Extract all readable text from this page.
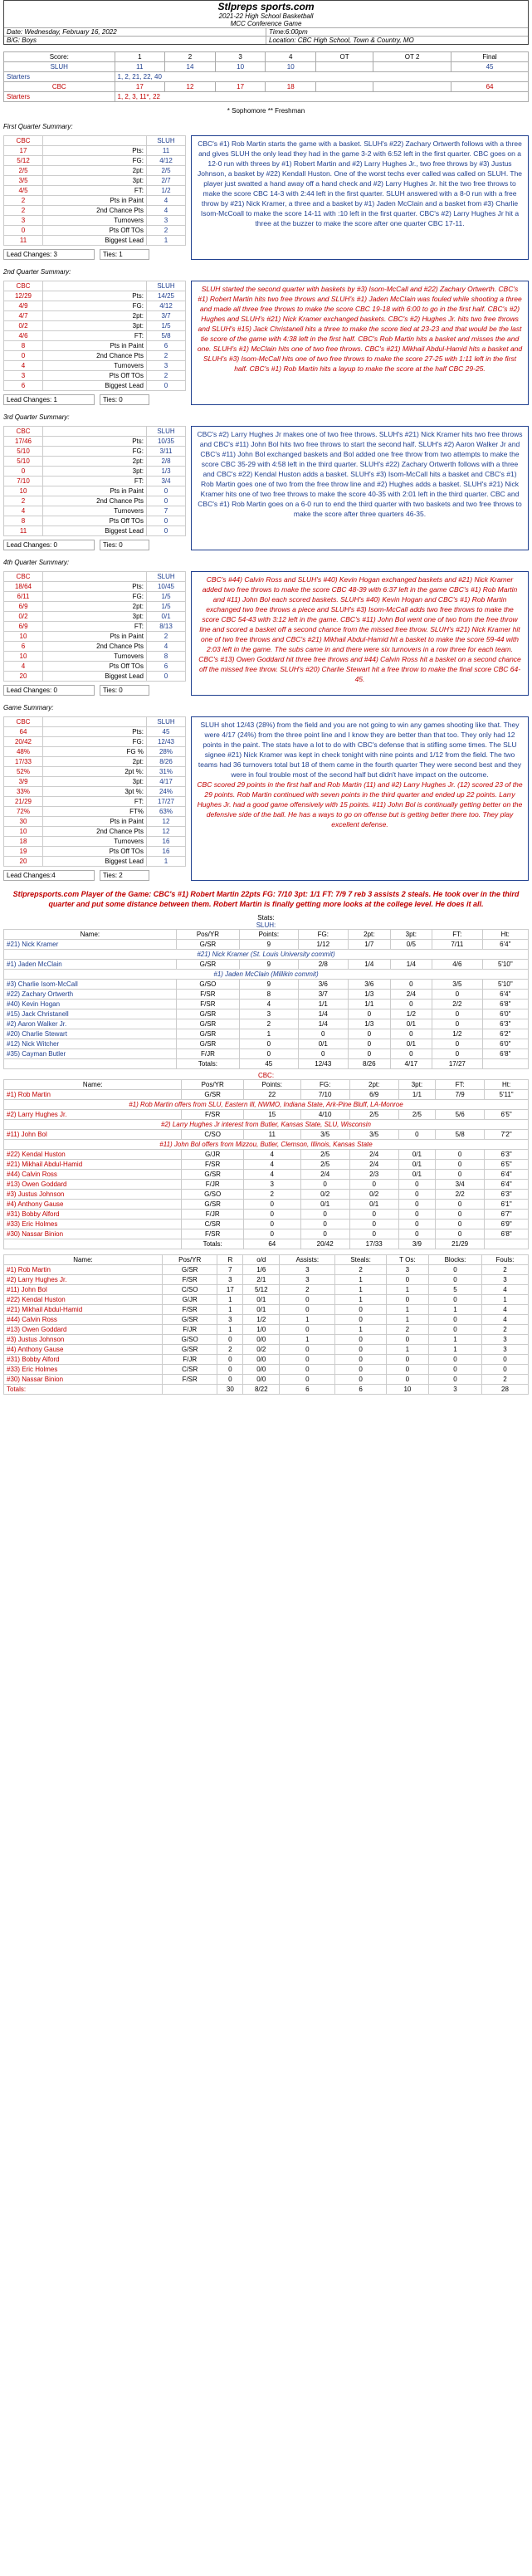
Stlpreps sports.com
2021-22 High School Basketball
MCC Conference Game
Date: Wednesday, February 16, 2022	Time:6:00pm
B/G: Boys	Location: CBC High School, Town & Country, MO
Score:	1	2	3	4	OT	OT 2	Final
SLUH	11	14	10	10			45
Starters	1, 2, 21, 22, 40						
CBC	17	12	17	18			64
Starters	1, 2, 3, 11*, 22						
* Sophomore ** Freshman
First Quarter Summary:
CBC		SLUH
17	Pts:	11
5/12	FG:	4/12
2/5	2pt:	2/5
3/5	3pt:	2/7
4/5	FT:	1/2
2	Pts in Paint	4
2	2nd Chance Pts	4
3	Turnovers	3
0	Pts Off TOs	2
11	Biggest Lead	1
Lead Changes: 3	Ties: 1
CBC's #1) Rob Martin starts the game with a basket. SLUH's #22) Zachary Ortwerth follows with a three and gives SLUH the only lead they had in the game 3-2 with 6:52 left in the first quarter. CBC goes on a 12-0 run with threes by #1) Robert Martin and #2) Larry Hughes Jr., two free throws by #3) Justus Johnson, a basket by #22) Kendall Huston. One of the worst techs ever called was called on SLUH. The player just swatted a hand away off a hand check and #2) Larry Hughes Jr. hit the two free throws to make the score CBC 14-3 with 2:44 left in the first quarter. SLUH answered with a 8-0 run with a free throw by #21) Nick Kramer, a three and a basket by #1) Jaden McClain and a basket from #3) Charlie Isom-McCoall to make the score 14-11 with :10 left in the first quarter. CBC's #2) Larry Hughes Jr hit a three at the buzzer to make the score after one quarter CBC 17-11.
2nd Quarter Summary:
CBC		SLUH
12/29	Pts:	14/25
4/9	FG:	4/12
4/7	2pt:	3/7
0/2	3pt:	1/5
4/6	FT:	5/8
8	Pts in Paint	6
0	2nd Chance Pts	2
4	Turnovers	3
3	Pts Off TOs	2
6	Biggest Lead	0
Lead Changes: 1	Ties: 0
SLUH started the second quarter with baskets by #3) Isom-McCall and #22) Zachary Ortwerth. CBC's #1) Robert Martin hits two free throws and SLUH's #1) Jaden McClain was fouled while shooting a three and made all three free throws to make the score CBC 19-18 with 6:00 to go in the first half. CBC's #2) Hughes and SLUH's #21) Nick Kramer exchanged baskets. CBC's #2) Hughes Jr. hits two free throws and SLUH's #15) Jack Christanell hits a three to make the score tied at 23-23 and that would be the last tie score of the game with 4:38 left in the first half. CBC's Rob Martin hits a basket and misses the and one. SLUH's #1) McClain hits one of two free throws. CBC's #21) Mikhail Abdul-Hamid hits a basket and SLUH's #3) Isom-McCall hits one of two free throws to make the score 27-25 with 1:11 left in the first half. CBC's #1) Rob Martin hits a layup to make the score at the half CBC 29-25.
3rd Quarter Summary:
CBC		SLUH
17/46	Pts:	10/35
5/10	FG:	3/11
5/10	2pt:	2/8
0	3pt:	1/3
7/10	FT:	3/4
10	Pts in Paint	0
2	2nd Chance Pts	0
4	Turnovers	7
8	Pts Off TOs	0
11	Biggest Lead	0
Lead Changes: 0	Ties: 0
CBC's #2) Larry Hughes Jr makes one of two free throws. SLUH's #21) Nick Kramer hits two free throws and CBC's #11) John Bol hits two free throws to start the second half. SLUH's #2) Aaron Walker Jr and CBC's #11) John Bol exchanged baskets and Bol added one free throw from two attempts to make the score CBC 35-29 with 4:58 left in the third quarter. SLUH's #22) Zachary Ortwerth follows with a three and CBC's #22) Kendal Huston adds a basket. SLUH's #3) Isom-McCall hits a basket and CBC's #1) Rob Martin goes one of two from the free throw line and #2) Hughes adds a basket. SLUH's #21) Nick Kramer hits one of two free throws to make the score 40-35 with 2:01 left in the third quarter. CBC and CBC's #1) Rob Martin goes on a 6-0 run to end the third quarter with two baskets and two free throws to make the score after three quarters 46-35.
4th Quarter Summary:
CBC		SLUH
18/64	Pts:	10/45
6/11	FG:	1/5
6/9	2pt:	1/5
0/2	3pt:	0/1
6/9	FT:	8/13
10	Pts in Paint	2
6	2nd Chance Pts	4
10	Turnovers	8
4	Pts Off TOs	6
20	Biggest Lead	0
Lead Changes: 0	Ties: 0
CBC's #44) Calvin Ross and SLUH's #40) Kevin Hogan exchanged baskets and #21) Nick Kramer added two free throws to make the score CBC 48-39 with 6:37 left in the game CBC's #1) Rob Martin and #11) John Bol each scored baskets. SLUH's #40) Kevin Hogan and CBC's #1) Rob Martin exchanged two free throws a piece and SLUH's #3) Isom-McCall adds two free throws to make the score CBC 54-43 with 3:12 left in the game. CBC's #11) John Bol went one of two from the free throw line and scored a basket off a second chance from the missed free throw. SLUH's #21) Nick Kramer hit one of two free throws and CBC's #21) Mikhail Abdul-Hamid hit a basket to make the score 59-44 with 2:03 left in the game. The subs came in and there were six turnovers in a row three for each team. CBC's #13) Owen Goddard hit three free throws and #44) Calvin Ross hit a basket on a second chance off the missed free throw. SLUH's #20) Charlie Stewart hit a free throw to make the final score CBC 64-45.
Game Summary:
CBC		SLUH
64	Pts:	45
20/42	FG:	12/43
48%	FG %	28%
17/33	2pt:	8/26
52%	2pt %:	31%
3/9	3pt:	4/17
33%	3pt %:	24%
21/29	FT:	17/27
72%	FT%	63%
30	Pts in Paint	12
10	2nd Chance Pts	12
18	Turnovers	16
19	Pts Off TOs	16
20	Biggest Lead	1
Lead Changes:4	Ties: 2
SLUH shot 12/43 (28%) from the field and you are not going to win any games shooting like that. They were 4/17 (24%) from the three point line and I know they are better than that too. They only had 12 points in the paint. The stats have a lot to do with CBC's defense that is stifling some times. The SLU signee #21) Nick Kramer was kept in check tonight with nine points and 1/12 from the field. The two teams had 36 turnovers total but 18 of them came in the fourth quarter They were second best and they were in foul trouble most of the second half but didn't have impact on the outcome.
CBC scored 29 points in the first half and Rob Martin (11) and #2) Larry Hughes Jr. (12) scored 23 of the 29 points. Rob Martin continued with seven points in the third quarter and ended up 22 points. Larry Hughes Jr. had a good game offensively with 15 points. #11) John Bol is continually getting better on the defensive side of the ball. He has a ways to go on offense but is getting better there too. They play excellent defense.
Stlprepsports.com Player of the Game: CBC's #1) Robert Martin 22pts FG: 7/10 3pt: 1/1 FT: 7/9 7 reb 3 assists 2 steals. He took over in the third quarter and put some distance between them. Robert Martin is finally getting more looks at the college level. He does it all.
Stats:
SLUH:
Name:	Pos/YR	Points:	FG:	2pt:	3pt:	FT:	Ht:
#21) Nick Kramer	G/SR	9	1/12	1/7	0/5	7/11	6'4"
#21) Nick Kramer (St. Louis University commit)							
#1) Jaden McClain	G/SR	9	2/8	1/4	1/4	4/6	5'10"
#1) Jaden McClain (Millikin commit)							
#3) Charlie Isom-McCall	G/SO	9	3/6	3/6	0	3/5	5'10"
#22) Zachary Ortwerth	F/SR	8	3/7	1/3	2/4	0	6'4"
#40) Kevin Hogan	F/SR	4	1/1	1/1	0	2/2	6'8"
#15) Jack Christanell	G/SR	3	1/4	0	1/2	0	6'0"
#2) Aaron Walker Jr.	G/SR	2	1/4	1/3	0/1	0	6'3"
#20) Charlie Stewart	G/SR	1	0	0	0	1/2	6'2"
#12) Nick Witcher	G/SR	0	0/1	0	0/1	0	6'0"
#35) Cayman Butler	F/JR	0	0	0	0	0	6'8"
	Totals:	45	12/43	8/26	4/17	17/27	
CBC:
Name:	Pos/YR	Points:	FG:	2pt:	3pt:	FT:	Ht:
#1) Rob Martin	G/SR	22	7/10	6/9	1/1	7/9	5'11"
#1) Rob Martin offers from SLU, Eastern Ill, NWMO, Indiana State, Ark-Pine Bluff, LA-Monroe							
#2) Larry Hughes Jr.	F/SR	15	4/10	2/5	2/5	5/6	6'5"
#2) Larry Hughes Jr interest from Butler, Kansas State, SLU, Wisconsin							
#11) John Bol	C/SO	11	3/5	3/5	0	5/8	7'2"
#11) John Bol offers from Mizzou, Butler, Clemson, Illinois, Kansas State							
#22) Kendal Huston	G/JR	4	2/5	2/4	0/1	0	6'3"
#21) Mikhail Abdul-Hamid	F/SR	4	2/5	2/4	0/1	0	6'5"
#44) Calvin Ross	G/SR	4	2/4	2/3	0/1	0	6'4"
#13) Owen Goddard	F/JR	3	0	0	0	3/4	6'4"
#3) Justus Johnson	G/SO	2	0/2	0/2	0	2/2	6'3"
#4) Anthony Gause	G/SR	0	0/1	0/1	0	0	6'1"
#31) Bobby Alford	F/JR	0	0	0	0	0	6'7"
#33) Eric Holmes	C/SR	0	0	0	0	0	6'9"
#30) Nassar Binion	F/SR	0	0	0	0	0	6'8"
	Totals:	64	20/42	17/33	3/9	21/29	
Name:	Pos/YR	R	o/d	Assists:	Steals:	T Os:	Blocks:	Fouls:
#1) Rob Martin	G/SR	7	1/6	3	2	3	0	2
#2) Larry Hughes Jr.	F/SR	3	2/1	3	1	0	0	3
#11) John Bol	C/SO	17	5/12	2	1	1	5	4
#22) Kendal Huston	G/JR	1	0/1	0	1	0	0	1
#21) Mikhail Abdul-Hamid	F/SR	1	0/1	0	0	1	1	4
#44) Calvin Ross	G/SR	3	1/2	1	0	1	0	4
#13) Owen Goddard	F/JR	1	1/0	0	1	2	0	2
#3) Justus Johnson	G/SO	0	0/0	1	0	0	1	3
#4) Anthony Gause	G/SR	2	0/2	0	0	1	1	3
#31) Bobby Alford	F/JR	0	0/0	0	0	0	0	0
#33) Eric Holmes	C/SR	0	0/0	0	0	0	0	0
#30) Nassar Binion	F/SR	0	0/0	0	0	0	0	2
Totals:		30	8/22	6	6	10	3	28
